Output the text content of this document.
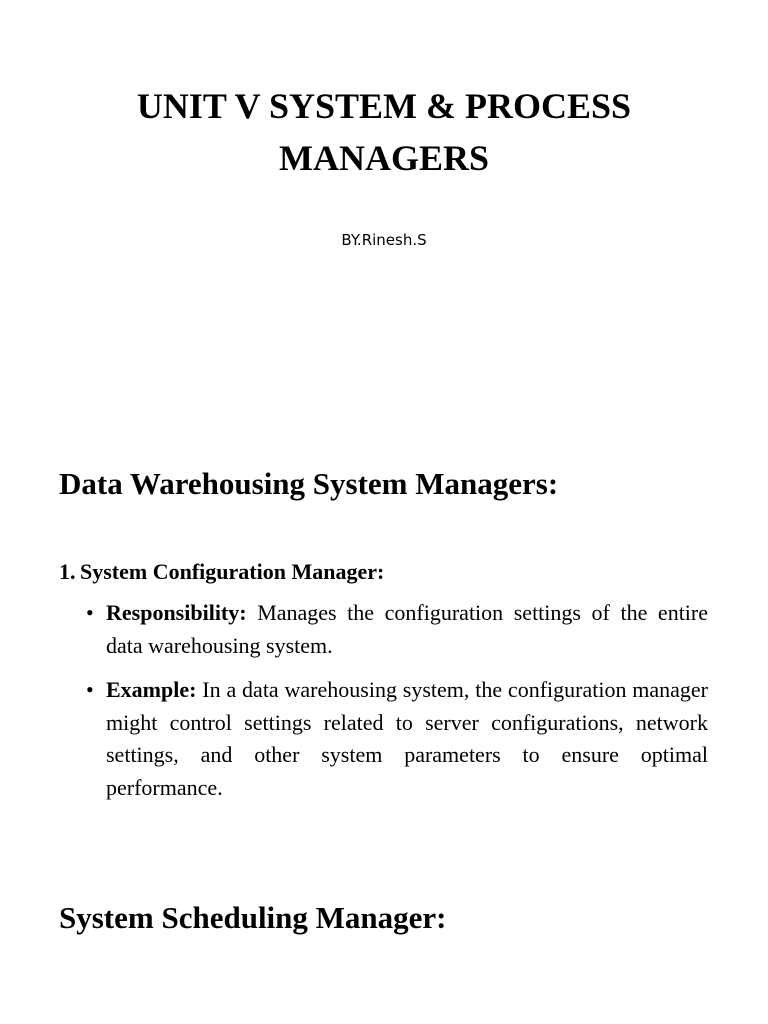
UNIT V SYSTEM & PROCESS MANAGERS
BY.Rinesh.S
Data Warehousing System Managers:
1. System Configuration Manager:
• Responsibility: Manages the configuration settings of the entire data warehousing system.
• Example: In a data warehousing system, the configuration manager might control settings related to server configurations, network settings, and other system parameters to ensure optimal performance.
System Scheduling Manager:
